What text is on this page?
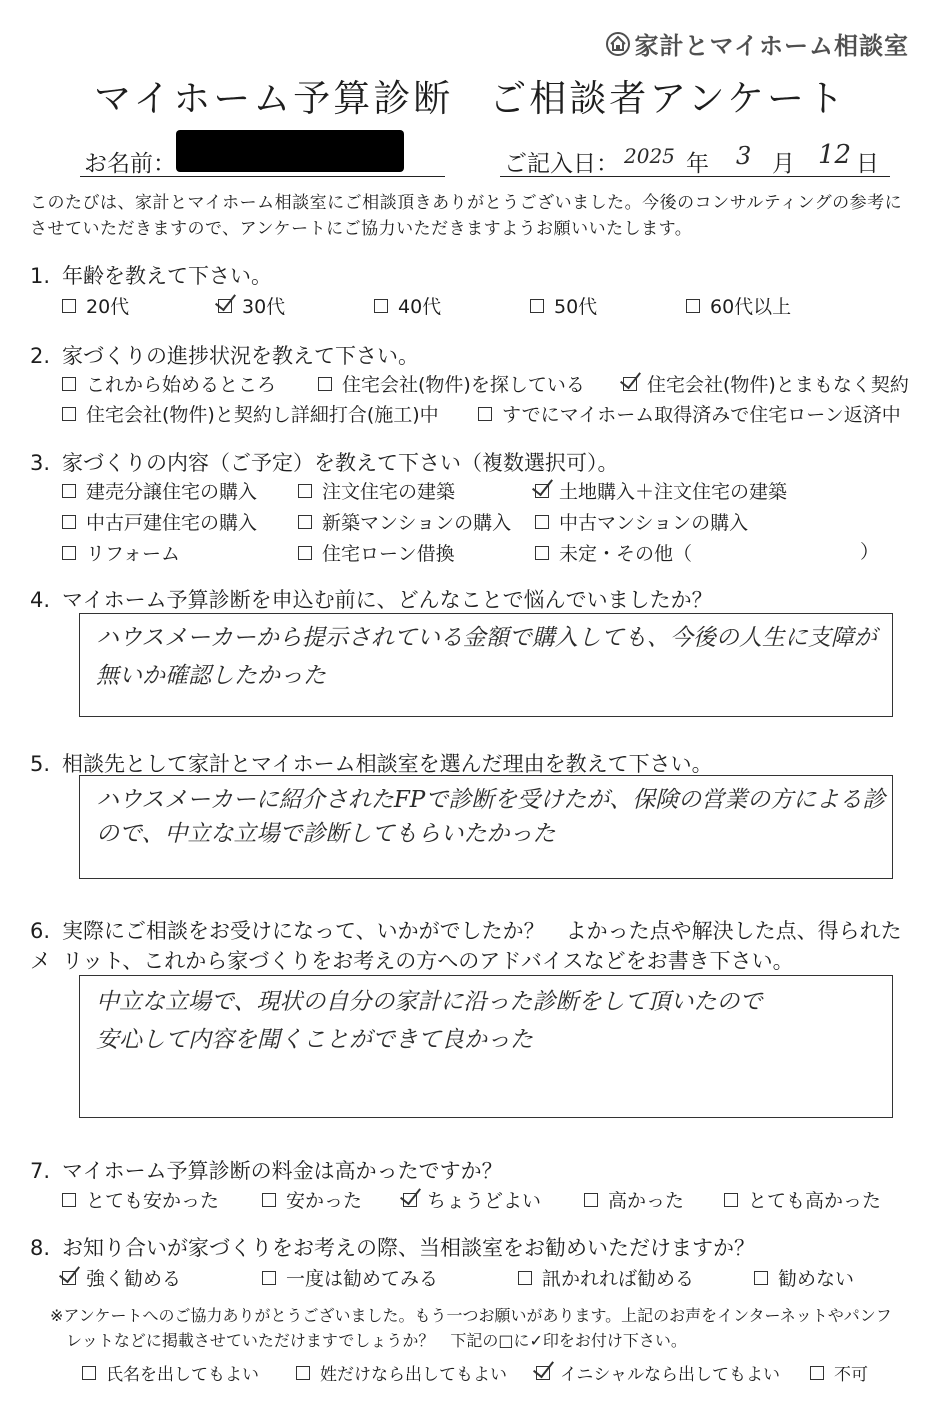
家計とマイホーム相談室
マイホーム予算診断 ご相談者アンケート
お名前：	ご記入日： 2025 年 3 月 12 日
このたびは、家計とマイホーム相談室にご相談頂きありがとうございました。今後のコンサルティングの参考にさせていただきますので、アンケートにご協力いただきますようお願いいたします。
1. 年齢を教えて下さい。
20代	30代	40代	50代	60代以上
2. 家づくりの進捗状況を教えて下さい。
これから始めるところ	住宅会社(物件)を探している	住宅会社(物件)とまもなく契約
住宅会社(物件)と契約し詳細打合(施工)中	すでにマイホーム取得済みで住宅ローン返済中
3. 家づくりの内容（ご予定）を教えて下さい（複数選択可）。
建売分譲住宅の購入	注文住宅の建築	土地購入＋注文住宅の建築
中古戸建住宅の購入	新築マンションの購入	中古マンションの購入
リフォーム	住宅ローン借換	未定・その他（	）
4. マイホーム予算診断を申込む前に、どんなことで悩んでいましたか？
ハウスメーカーから提示されている金額で購入しても、今後の人生に支障が
無いか確認したかった
5. 相談先として家計とマイホーム相談室を選んだ理由を教えて下さい。
ハウスメーカーに紹介されたFPで診断を受けたが、保険の営業の方による診
ので、中立な立場で診断してもらいたかった
6. 実際にご相談をお受けになって、いかがでしたか？　よかった点や解決した点、得られたメ リット、これから家づくりをお考えの方へのアドバイスなどをお書き下さい。
中立な立場で、現状の自分の家計に沿った診断をして頂いたので
安心して内容を聞くことができて良かった
7. マイホーム予算診断の料金は高かったですか？
とても安かった	安かった	ちょうどよい	高かった	とても高かった
8. お知り合いが家づくりをお考えの際、当相談室をお勧めいただけますか？
強く勧める	一度は勧めてみる	訊かれれば勧める	勧めない
※アンケートへのご協力ありがとうございました。もう一つお願いがあります。上記のお声をインターネットやパンフ
レットなどに掲載させていただけますでしょうか？　下記の□に✓印をお付け下さい。
氏名を出してもよい	姓だけなら出してもよい	イニシャルなら出してもよい	不可
